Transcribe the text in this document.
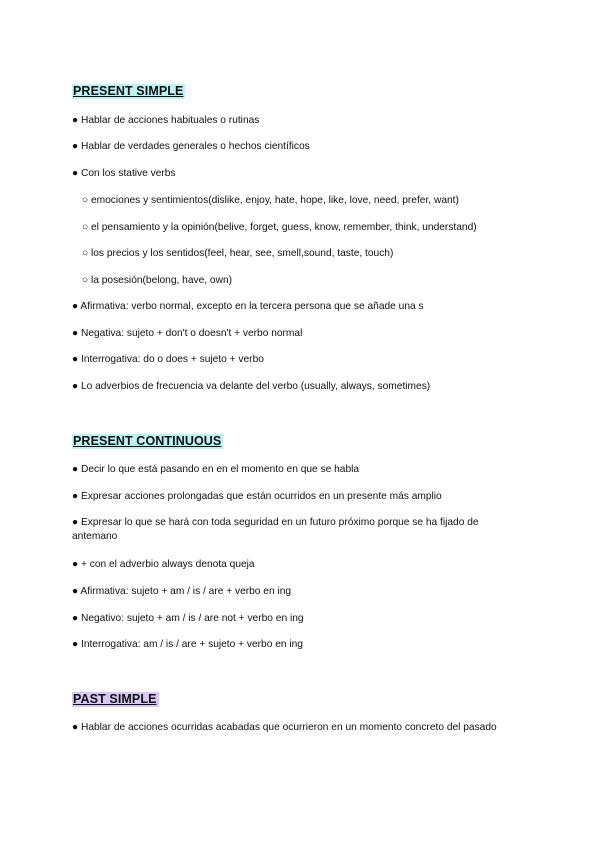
PRESENT SIMPLE
● Hablar de acciones habituales o rutinas
● Hablar de verdades generales o hechos científicos
● Con los stative verbs
○ emociones y sentimientos(dislike, enjoy, hate, hope, like, love, need, prefer, want)
○ el pensamiento y la opinión(belive, forget, guess, know, remember, think, understand)
○ los precios y los sentidos(feel, hear, see, smell,sound, taste, touch)
○ la posesión(belong, have, own)
● Afirmativa: verbo normal, excepto en la tercera persona que se añade una s
● Negativa: sujeto + don't o doesn't + verbo normal
● Interrogativa: do o does + sujeto + verbo
● Lo adverbios de frecuencia va delante del verbo (usually, always, sometimes)
PRESENT CONTINUOUS
● Decir lo que está pasando en en el momento en que se habla
● Expresar acciones prolongadas que están ocurridos en un presente más amplio
● Expresar lo que se hará con toda seguridad en un futuro próximo porque se ha fijado de antemano
● + con el adverbio always denota queja
● Afirmativa: sujeto + am / is / are + verbo en ing
● Negativo: sujeto + am / is / are not + verbo en ing
● Interrogativa: am / is / are + sujeto + verbo en ing
PAST SIMPLE
● Hablar de acciones ocurridas acabadas que ocurrieron en un momento concreto del pasado
